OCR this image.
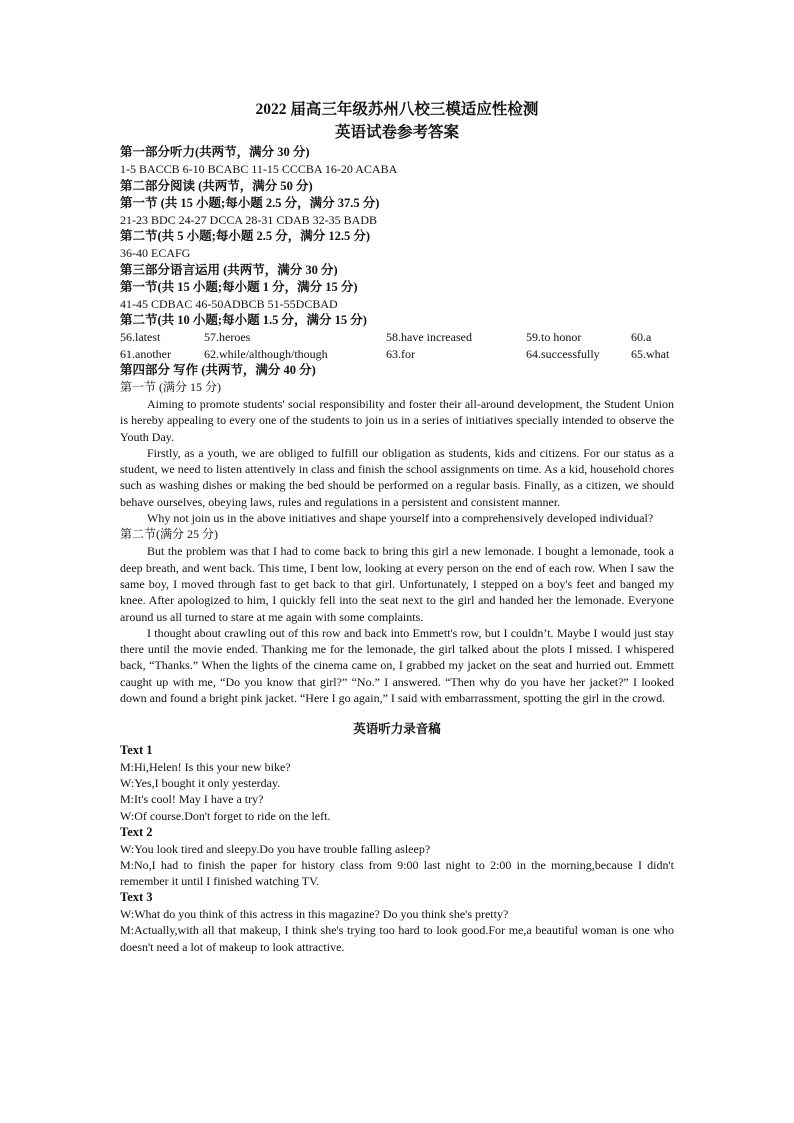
2022 届高三年级苏州八校三模适应性检测
英语试卷参考答案
第一部分听力(共两节，满分 30 分)
1-5 BACCB 6-10 BCABC 11-15 CCCBA 16-20 ACABA
第二部分阅读 (共两节，满分 50 分)
第一节 (共 15 小题;每小题 2.5 分，满分 37.5 分)
21-23 BDC 24-27 DCCA 28-31 CDAB 32-35 BADB
第二节(共 5 小题;每小题 2.5 分，满分 12.5 分)
36-40 ECAFG
第三部分语言运用 (共两节，满分 30 分)
第一节(共 15 小题;每小题 1 分，满分 15 分)
41-45 CDBAC 46-50ADBCB 51-55DCBAD
第二节(共 10 小题;每小题 1.5 分，满分 15 分)
56.latest	57.heroes	58.have increased	59.to honor	60.a
61.another	62.while/although/though	63.for	64.successfully	65.what
第四部分 写作 (共两节，满分 40 分)
第一节 (满分 15 分)

Aiming to promote students' social responsibility and foster their all-around development, the Student Union is hereby appealing to every one of the students to join us in a series of initiatives specially intended to observe the Youth Day.

Firstly, as a youth, we are obliged to fulfill our obligation as students, kids and citizens. For our status as a student, we need to listen attentively in class and finish the school assignments on time. As a kid, household chores such as washing dishes or making the bed should be performed on a regular basis. Finally, as a citizen, we should behave ourselves, obeying laws, rules and regulations in a persistent and consistent manner.

Why not join us in the above initiatives and shape yourself into a comprehensively developed individual?

第二节(满分 25 分)

But the problem was that I had to come back to bring this girl a new lemonade. I bought a lemonade, took a deep breath, and went back. This time, I bent low, looking at every person on the end of each row. When I saw the same boy, I moved through fast to get back to that girl. Unfortunately, I stepped on a boy's feet and banged my knee. After apologized to him, I quickly fell into the seat next to the girl and handed her the lemonade. Everyone around us all turned to stare at me again with some complaints.

I thought about crawling out of this row and back into Emmett's row, but I couldn’t. Maybe I would just stay there until the movie ended. Thanking me for the lemonade, the girl talked about the plots I missed. I whispered back, “Thanks.” When the lights of the cinema came on, I grabbed my jacket on the seat and hurried out. Emmett caught up with me, “Do you know that girl?” “No.” I answered. “Then why do you have her jacket?” I looked down and found a bright pink jacket. “Here I go again,” I said with embarrassment, spotting the girl in the crowd.

英语听力录音稿
Text 1

M:Hi,Helen! Is this your new bike?

W:Yes,I bought it only yesterday.

M:It's cool! May I have a try?

W:Of course.Don't forget to ride on the left.

Text 2

W:You look tired and sleepy.Do you have trouble falling asleep?

M:No,I had to finish the paper for history class from 9:00 last night to 2:00 in the morning,because I didn't remember it until I finished watching TV.

Text 3

W:What do you think of this actress in this magazine? Do you think she's pretty?

M:Actually,with all that makeup, I think she's trying too hard to look good.For me,a beautiful woman is one who doesn't need a lot of makeup to look attractive.
